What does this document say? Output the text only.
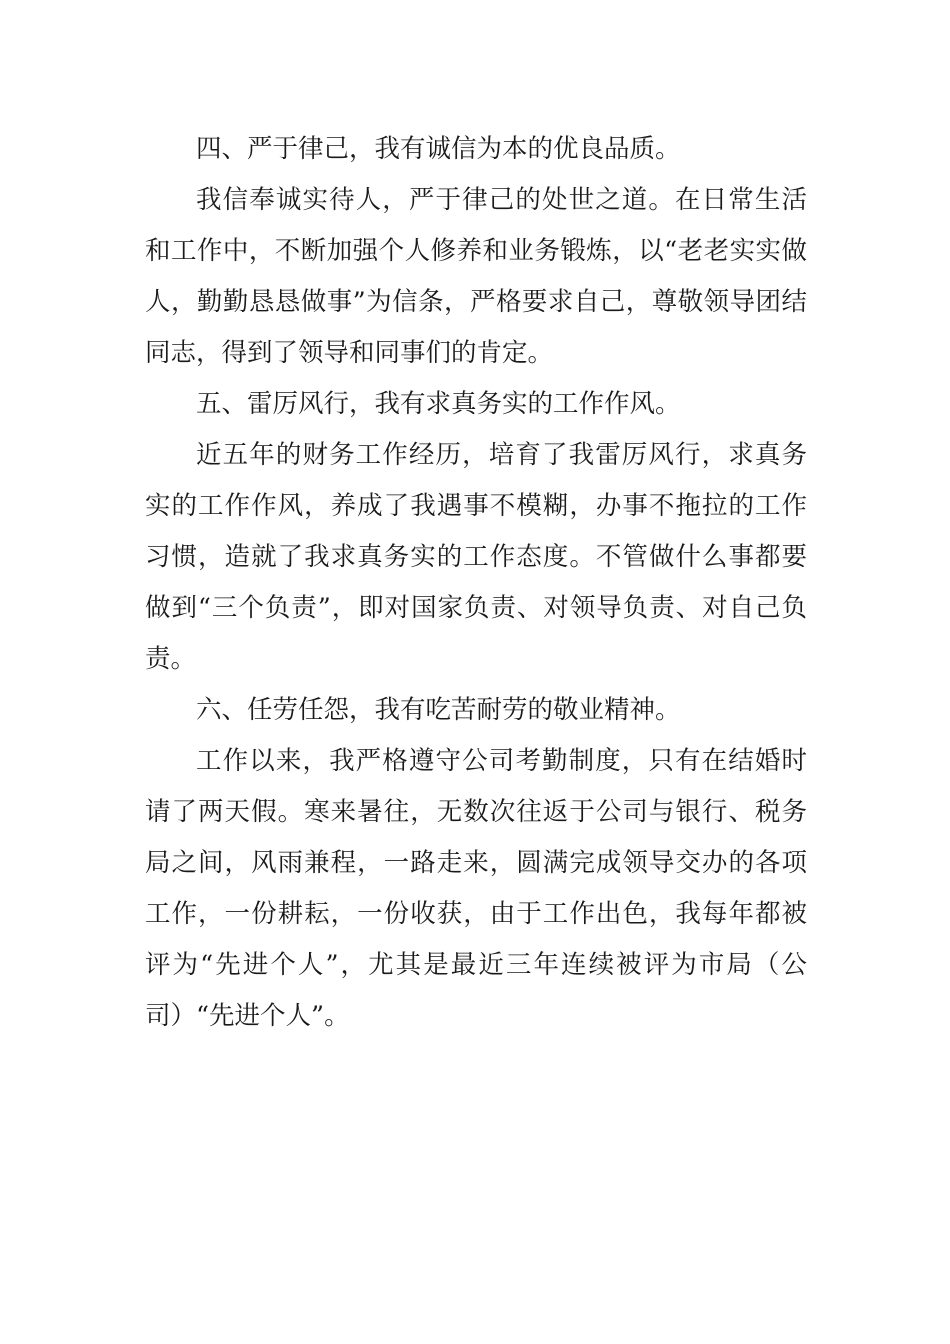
四、严于律己，我有诚信为本的优良品质。

我信奉诚实待人，严于律己的处世之道。在日常生活和工作中，不断加强个人修养和业务锻炼，以“老老实实做人，勤勤恳恳做事”为信条，严格要求自己，尊敬领导团结同志，得到了领导和同事们的肯定。

五、雷厉风行，我有求真务实的工作作风。

近五年的财务工作经历，培育了我雷厉风行，求真务实的工作作风，养成了我遇事不模糊，办事不拖拉的工作习惯，造就了我求真务实的工作态度。不管做什么事都要做到“三个负责”，即对国家负责、对领导负责、对自己负责。

六、任劳任怨，我有吃苦耐劳的敬业精神。

工作以来，我严格遵守公司考勤制度，只有在结婚时请了两天假。寒来暑往，无数次往返于公司与银行、税务局之间，风雨兼程，一路走来，圆满完成领导交办的各项工作，一份耕耘，一份收获，由于工作出色，我每年都被评为“先进个人”，尤其是最近三年连续被评为市局（公司）“先进个人”。
